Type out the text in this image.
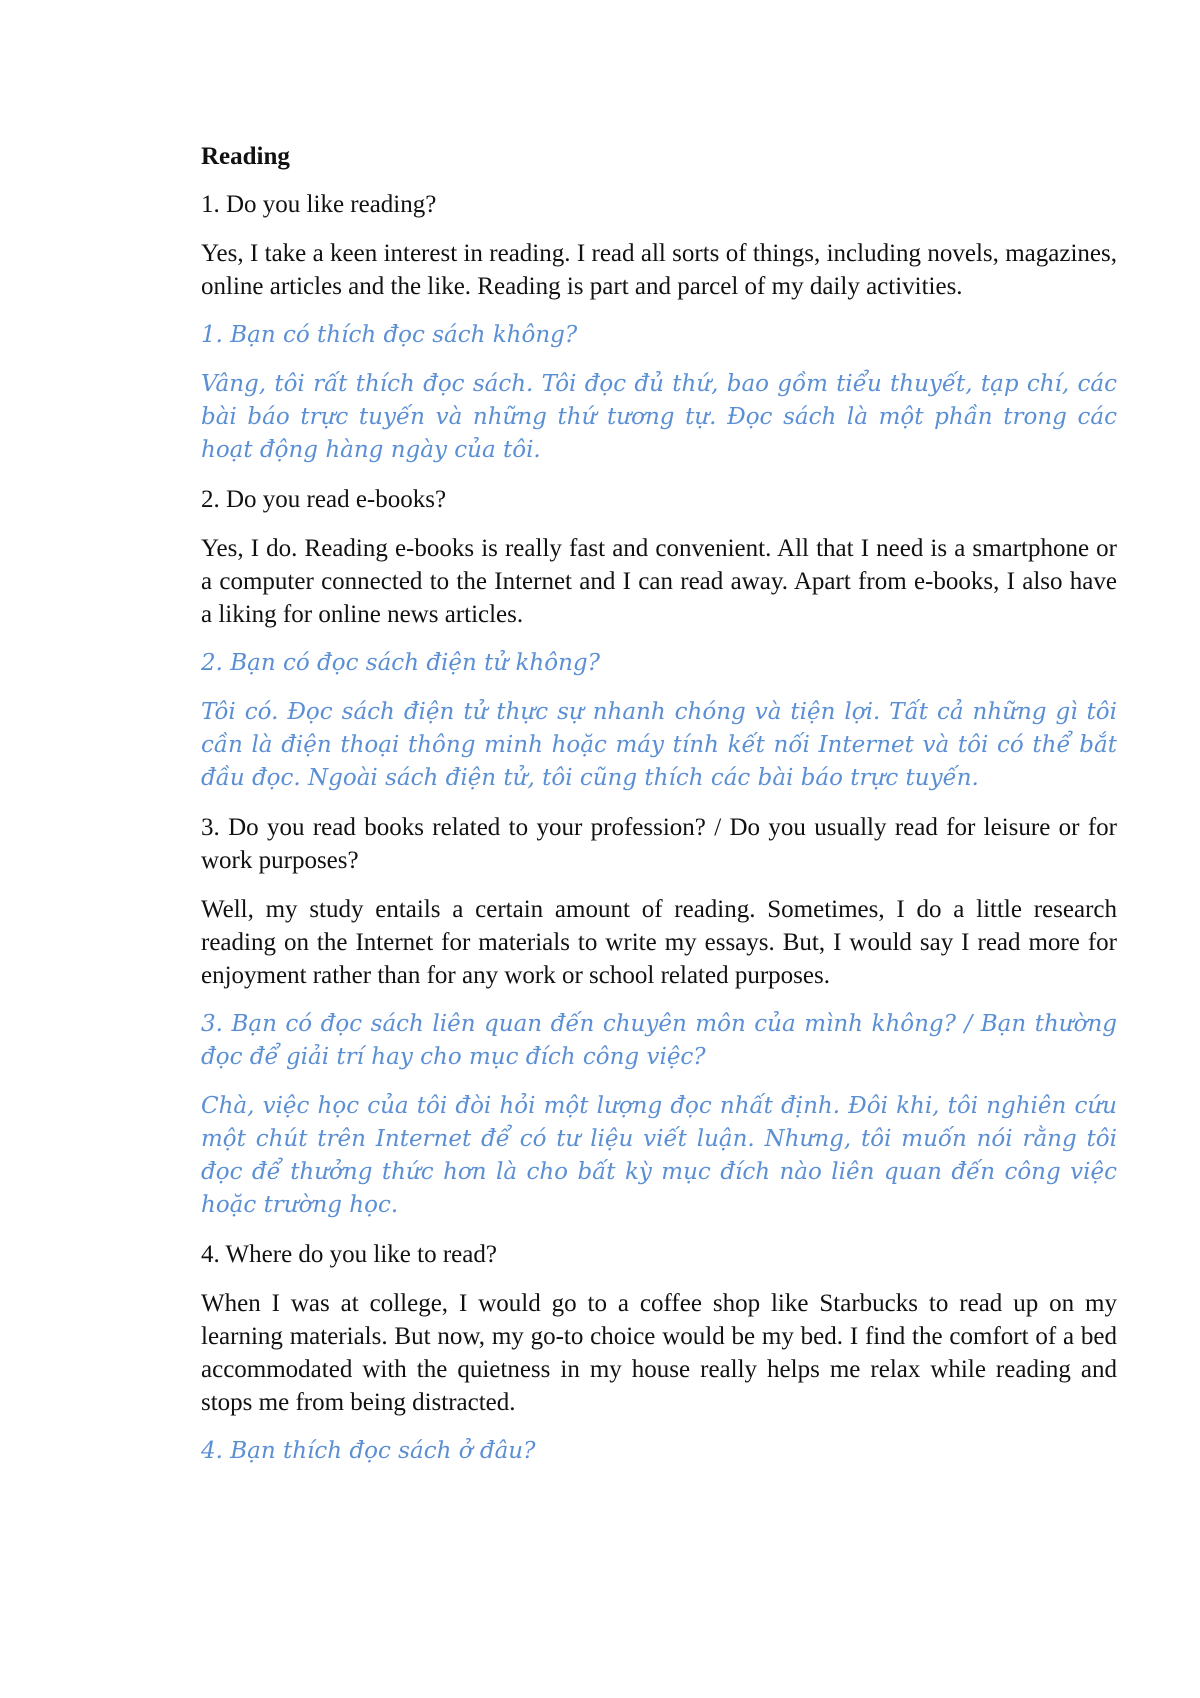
Reading
1. Do you like reading?
Yes, I take a keen interest in reading. I read all sorts of things, including novels, magazines, online articles and the like. Reading is part and parcel of my daily activities.
1. Bạn có thích đọc sách không?
Vâng, tôi rất thích đọc sách. Tôi đọc đủ thứ, bao gồm tiểu thuyết, tạp chí, các bài báo trực tuyến và những thứ tương tự. Đọc sách là một phần trong các hoạt động hàng ngày của tôi.
2. Do you read e-books?
Yes, I do. Reading e-books is really fast and convenient. All that I need is a smartphone or a computer connected to the Internet and I can read away. Apart from e-books, I also have a liking for online news articles.
2. Bạn có đọc sách điện tử không?
Tôi có. Đọc sách điện tử thực sự nhanh chóng và tiện lợi. Tất cả những gì tôi cần là điện thoại thông minh hoặc máy tính kết nối Internet và tôi có thể bắt đầu đọc. Ngoài sách điện tử, tôi cũng thích các bài báo trực tuyến.
3. Do you read books related to your profession? / Do you usually read for leisure or for work purposes?
Well, my study entails a certain amount of reading. Sometimes, I do a little research reading on the Internet for materials to write my essays. But, I would say I read more for enjoyment rather than for any work or school related purposes.
3. Bạn có đọc sách liên quan đến chuyên môn của mình không? / Bạn thường đọc để giải trí hay cho mục đích công việc?
Chà, việc học của tôi đòi hỏi một lượng đọc nhất định. Đôi khi, tôi nghiên cứu một chút trên Internet để có tư liệu viết luận. Nhưng, tôi muốn nói rằng tôi đọc để thưởng thức hơn là cho bất kỳ mục đích nào liên quan đến công việc hoặc trường học.
4. Where do you like to read?
When I was at college, I would go to a coffee shop like Starbucks to read up on my learning materials. But now, my go-to choice would be my bed. I find the comfort of a bed accommodated with the quietness in my house really helps me relax while reading and stops me from being distracted.
4. Bạn thích đọc sách ở đâu?
